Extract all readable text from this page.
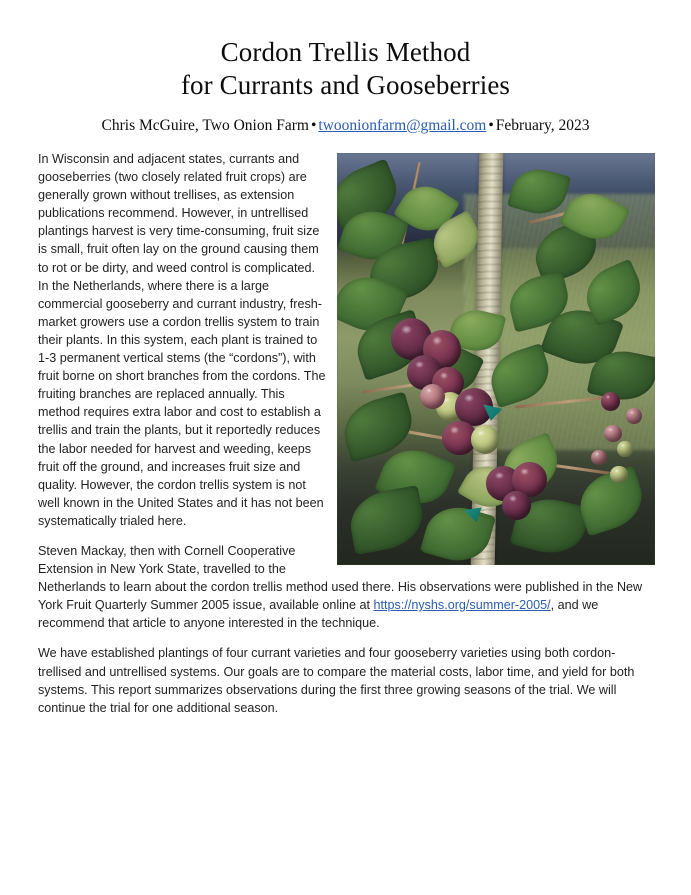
Cordon Trellis Method
for Currants and Gooseberries
Chris McGuire, Two Onion Farm • twoonionfarm@gmail.com • February, 2023

In Wisconsin and adjacent states, currants and gooseberries (two closely related fruit crops) are generally grown without trellises, as extension publications recommend. However, in untrellised plantings harvest is very time-consuming, fruit size is small, fruit often lay on the ground causing them to rot or be dirty, and weed control is complicated. In the Netherlands, where there is a large commercial gooseberry and currant industry, fresh-market growers use a cordon trellis system to train their plants. In this system, each plant is trained to 1-3 permanent vertical stems (the “cordons”), with fruit borne on short branches from the cordons. The fruiting branches are replaced annually. This method requires extra labor and cost to establish a trellis and train the plants, but it reportedly reduces the labor needed for harvest and weeding, keeps fruit off the ground, and increases fruit size and quality. However, the cordon trellis system is not well known in the United States and it has not been systematically trialed here.

Steven Mackay, then with Cornell Cooperative Extension in New York State, travelled to the Netherlands to learn about the cordon trellis method used there. His observations were published in the New York Fruit Quarterly Summer 2005 issue, available online at https://nyshs.org/summer-2005/, and we recommend that article to anyone interested in the technique.

We have established plantings of four currant varieties and four gooseberry varieties using both cordon-trellised and untrellised systems. Our goals are to compare the material costs, labor time, and yield for both systems. This report summarizes observations during the first three growing seasons of the trial. We will continue the trial for one additional season.
